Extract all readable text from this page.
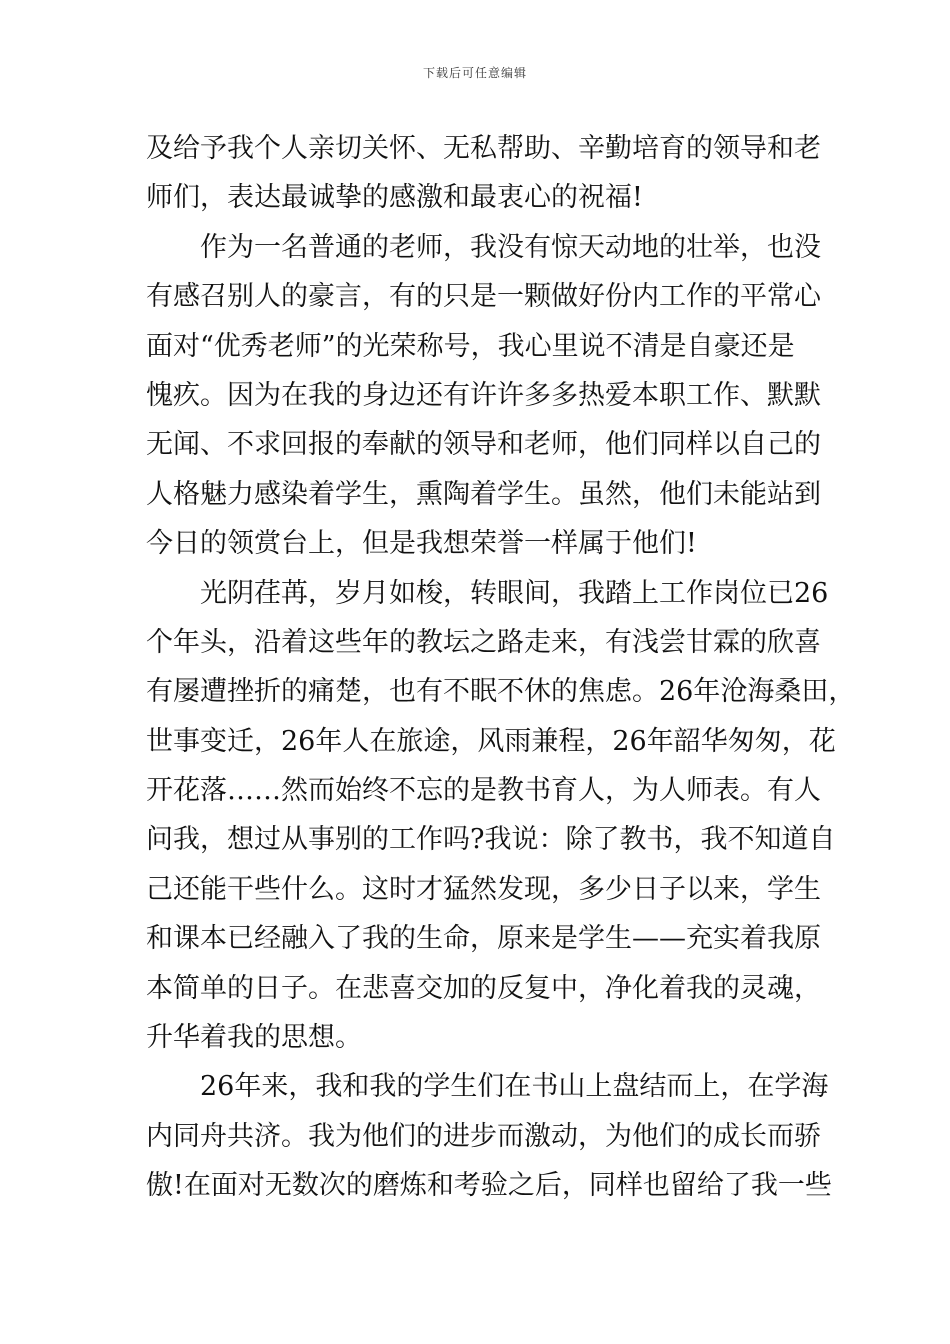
下载后可任意编辑
及给予我个人亲切关怀、无私帮助、辛勤培育的领导和老
师们，表达最诚挚的感激和最衷心的祝福!
作为一名普通的老师，我没有惊天动地的壮举，也没
有感召别人的豪言，有的只是一颗做好份内工作的平常心
面对“优秀老师”的光荣称号，我心里说不清是自豪还是
愧疚。因为在我的身边还有许许多多热爱本职工作、默默
无闻、不求回报的奉献的领导和老师，他们同样以自己的
人格魅力感染着学生，熏陶着学生。虽然，他们未能站到
今日的领赏台上，但是我想荣誉一样属于他们!
光阴荏苒，岁月如梭，转眼间，我踏上工作岗位已26
个年头，沿着这些年的教坛之路走来，有浅尝甘霖的欣喜
有屡遭挫折的痛楚，也有不眠不休的焦虑。26年沧海桑田，
世事变迁，26年人在旅途，风雨兼程，26年韶华匆匆，花
开花落……然而始终不忘的是教书育人，为人师表。有人
问我，想过从事别的工作吗?我说：除了教书，我不知道自
己还能干些什么。这时才猛然发现，多少日子以来，学生
和课本已经融入了我的生命，原来是学生——充实着我原
本简单的日子。在悲喜交加的反复中，净化着我的灵魂，
升华着我的思想。
26年来，我和我的学生们在书山上盘结而上，在学海
内同舟共济。我为他们的进步而激动，为他们的成长而骄
傲!在面对无数次的磨炼和考验之后，同样也留给了我一些
